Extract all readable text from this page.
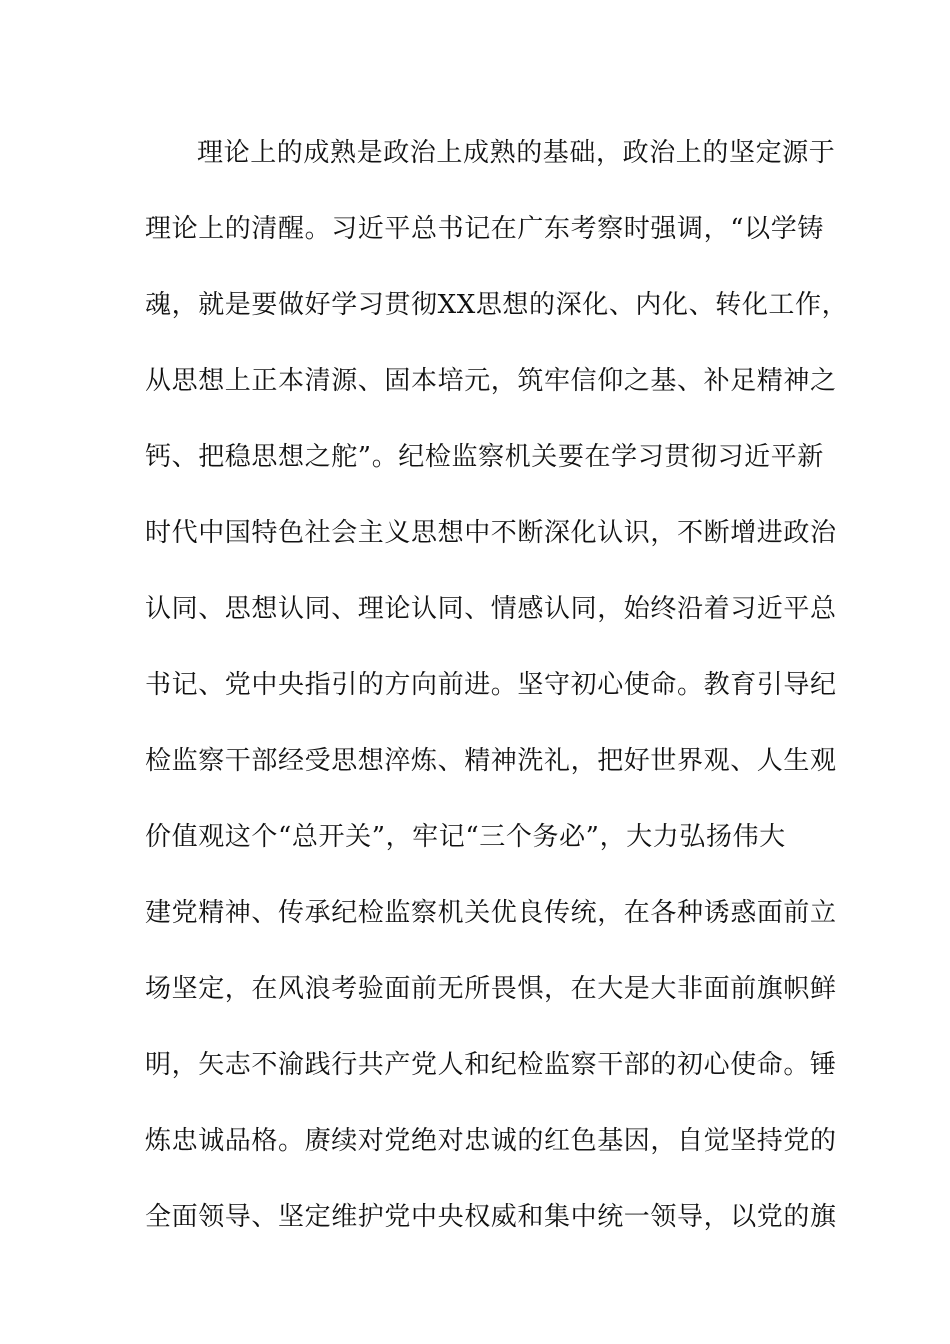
理论上的成熟是政治上成熟的基础，政治上的坚定源于
理论上的清醒。习近平总书记在广东考察时强调，“以学铸
魂，就是要做好学习贯彻XX思想的深化、内化、转化工作，
从思想上正本清源、固本培元，筑牢信仰之基、补足精神之
钙、把稳思想之舵”。纪检监察机关要在学习贯彻习近平新
时代中国特色社会主义思想中不断深化认识，不断增进政治
认同、思想认同、理论认同、情感认同，始终沿着习近平总
书记、党中央指引的方向前进。坚守初心使命。教育引导纪
检监察干部经受思想淬炼、精神洗礼，把好世界观、人生观
价值观这个“总开关”，牢记“三个务必”，大力弘扬伟大
建党精神、传承纪检监察机关优良传统，在各种诱惑面前立
场坚定，在风浪考验面前无所畏惧，在大是大非面前旗帜鲜
明，矢志不渝践行共产党人和纪检监察干部的初心使命。锤
炼忠诚品格。赓续对党绝对忠诚的红色基因，自觉坚持党的
全面领导、坚定维护党中央权威和集中统一领导，以党的旗
